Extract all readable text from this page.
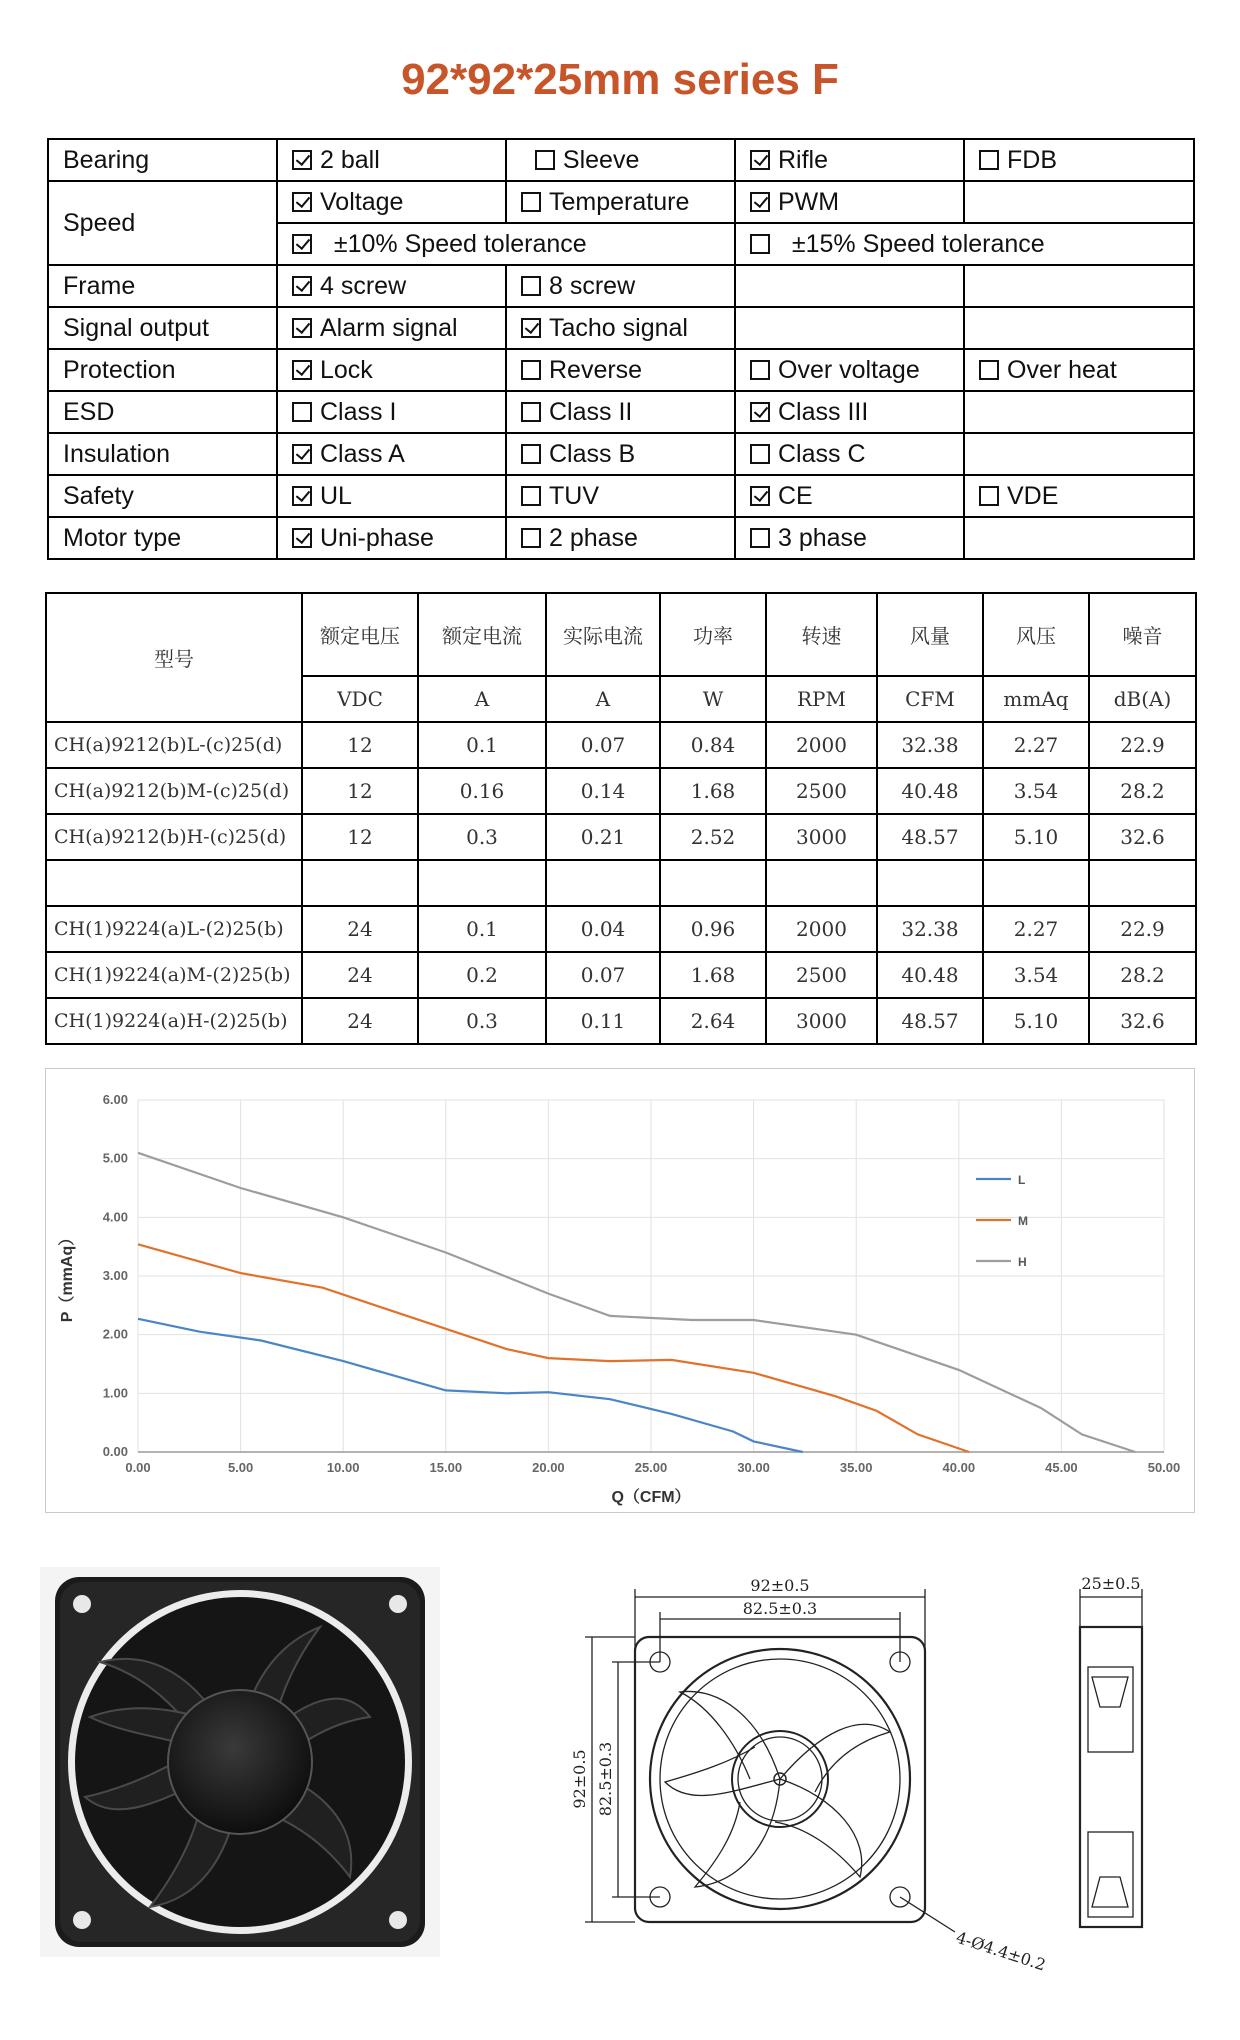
92*92*25mm series F
Bearing	2 ball	Sleeve	Rifle	FDB
Speed	Voltage	Temperature	PWM	
	±10% Speed tolerance		±15% Speed tolerance	
Frame	4 screw	8 screw		
Signal output	Alarm signal	Tacho signal		
Protection	Lock	Reverse	Over voltage	Over heat
ESD	Class I	Class II	Class III	
Insulation	Class A	Class B	Class C	
Safety	UL	TUV	CE	VDE
Motor type	Uni-phase	2 phase	3 phase	
型号	额定电压	额定电流	实际电流	功率	转速	风量	风压	噪音
	VDC	A	A	W	RPM	CFM	mmAq	dB(A)
CH(a)9212(b)L-(c)25(d)	12	0.1	0.07	0.84	2000	32.38	2.27	22.9
CH(a)9212(b)M-(c)25(d)	12	0.16	0.14	1.68	2500	40.48	3.54	28.2
CH(a)9212(b)H-(c)25(d)	12	0.3	0.21	2.52	3000	48.57	5.10	32.6

CH(1)9224(a)L-(2)25(b)	24	0.1	0.04	0.96	2000	32.38	2.27	22.9
CH(1)9224(a)M-(2)25(b)	24	0.2	0.07	1.68	2500	40.48	3.54	28.2
CH(1)9224(a)H-(2)25(b)	24	0.3	0.11	2.64	3000	48.57	5.10	32.6
0.00	5.00	10.00	15.00	20.00	25.00	30.00	35.00	40.00	45.00	50.00
0.00
1.00
2.00
3.00
4.00
5.00
6.00
L
M
H
Q（CFM）
P（mmAq）
92±0.5
82.5±0.3
25±0.5
4-Ø4.4±0.2
92±0.5 82.5±0.3
